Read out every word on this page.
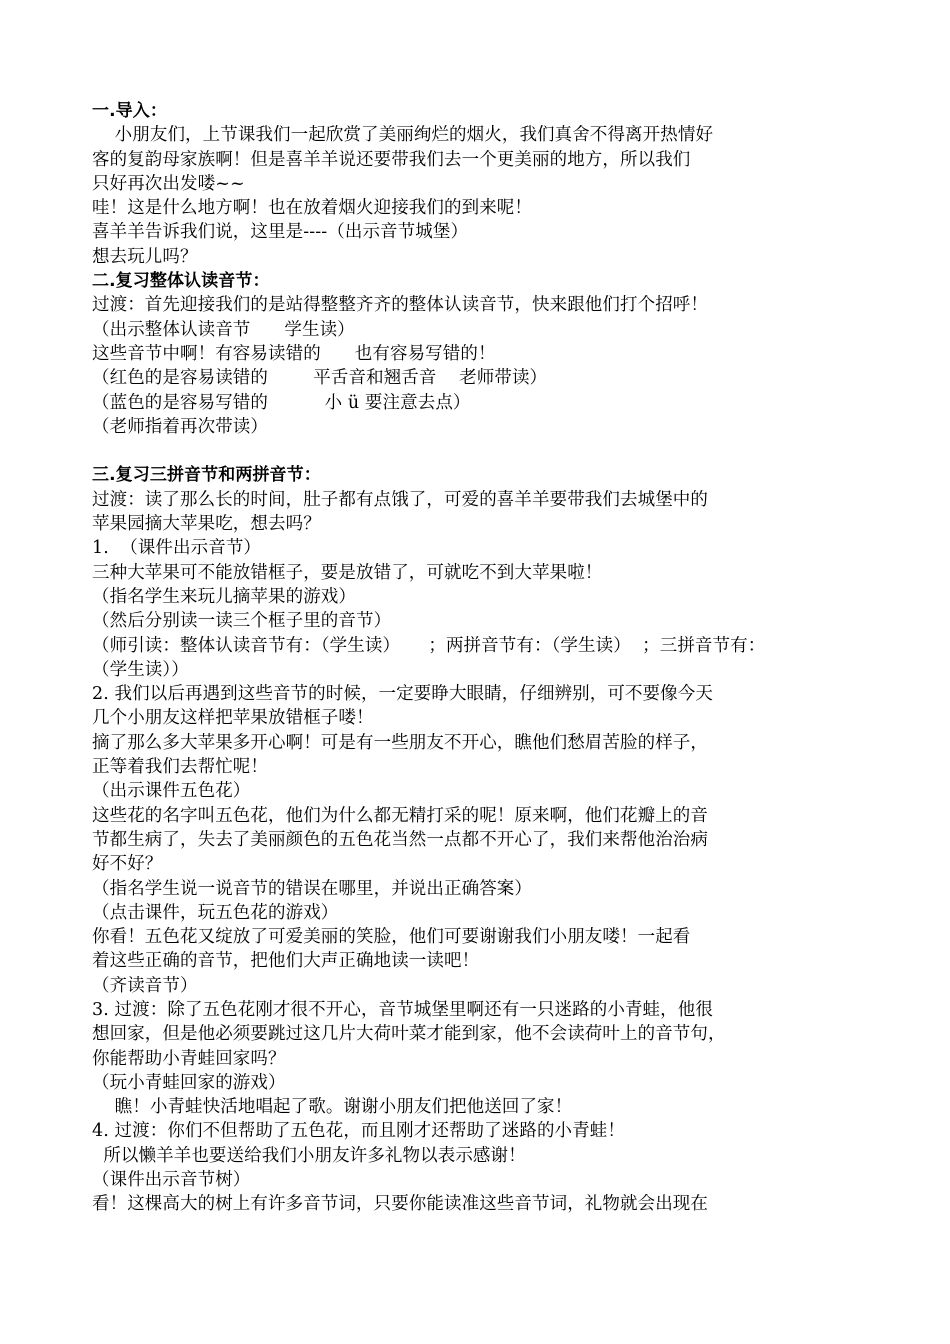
一.导入：
小朋友们，上节课我们一起欣赏了美丽绚烂的烟火，我们真舍不得离开热情好
客的复韵母家族啊！但是喜羊羊说还要带我们去一个更美丽的地方，所以我们
只好再次出发喽~~
哇！这是什么地方啊！也在放着烟火迎接我们的到来呢！
喜羊羊告诉我们说，这里是----（出示音节城堡）
想去玩儿吗？
二.复习整体认读音节：
过渡：首先迎接我们的是站得整整齐齐的整体认读音节，快来跟他们打个招呼！
（出示整体认读音节      学生读）
这些音节中啊！有容易读错的      也有容易写错的！
（红色的是容易读错的        平舌音和翘舌音    老师带读）
（蓝色的是容易写错的          小 ü 要注意去点）
（老师指着再次带读）
三.复习三拼音节和两拼音节：
过渡：读了那么长的时间，肚子都有点饿了，可爱的喜羊羊要带我们去城堡中的
苹果园摘大苹果吃，想去吗？
1.  （课件出示音节）
三种大苹果可不能放错框子，要是放错了，可就吃不到大苹果啦！
（指名学生来玩儿摘苹果的游戏）
（然后分别读一读三个框子里的音节）
（师引读：整体认读音节有：（学生读）     ；两拼音节有：（学生读）  ；三拼音节有：
（学生读））
2. 我们以后再遇到这些音节的时候，一定要睁大眼睛，仔细辨别，可不要像今天
几个小朋友这样把苹果放错框子喽！
摘了那么多大苹果多开心啊！可是有一些朋友不开心，瞧他们愁眉苦脸的样子，
正等着我们去帮忙呢！
（出示课件五色花）
这些花的名字叫五色花，他们为什么都无精打采的呢！原来啊，他们花瓣上的音
节都生病了，失去了美丽颜色的五色花当然一点都不开心了，我们来帮他治治病
好不好？
（指名学生说一说音节的错误在哪里，并说出正确答案）
（点击课件，玩五色花的游戏）
你看！五色花又绽放了可爱美丽的笑脸，他们可要谢谢我们小朋友喽！一起看
着这些正确的音节，把他们大声正确地读一读吧！
（齐读音节）
3. 过渡：除了五色花刚才很不开心，音节城堡里啊还有一只迷路的小青蛙，他很
想回家，但是他必须要跳过这几片大荷叶菜才能到家，他不会读荷叶上的音节句，
你能帮助小青蛙回家吗？
（玩小青蛙回家的游戏）
瞧！小青蛙快活地唱起了歌。谢谢小朋友们把他送回了家！
4. 过渡：你们不但帮助了五色花，而且刚才还帮助了迷路的小青蛙！
所以懒羊羊也要送给我们小朋友许多礼物以表示感谢！
（课件出示音节树）
看！这棵高大的树上有许多音节词，只要你能读准这些音节词，礼物就会出现在
